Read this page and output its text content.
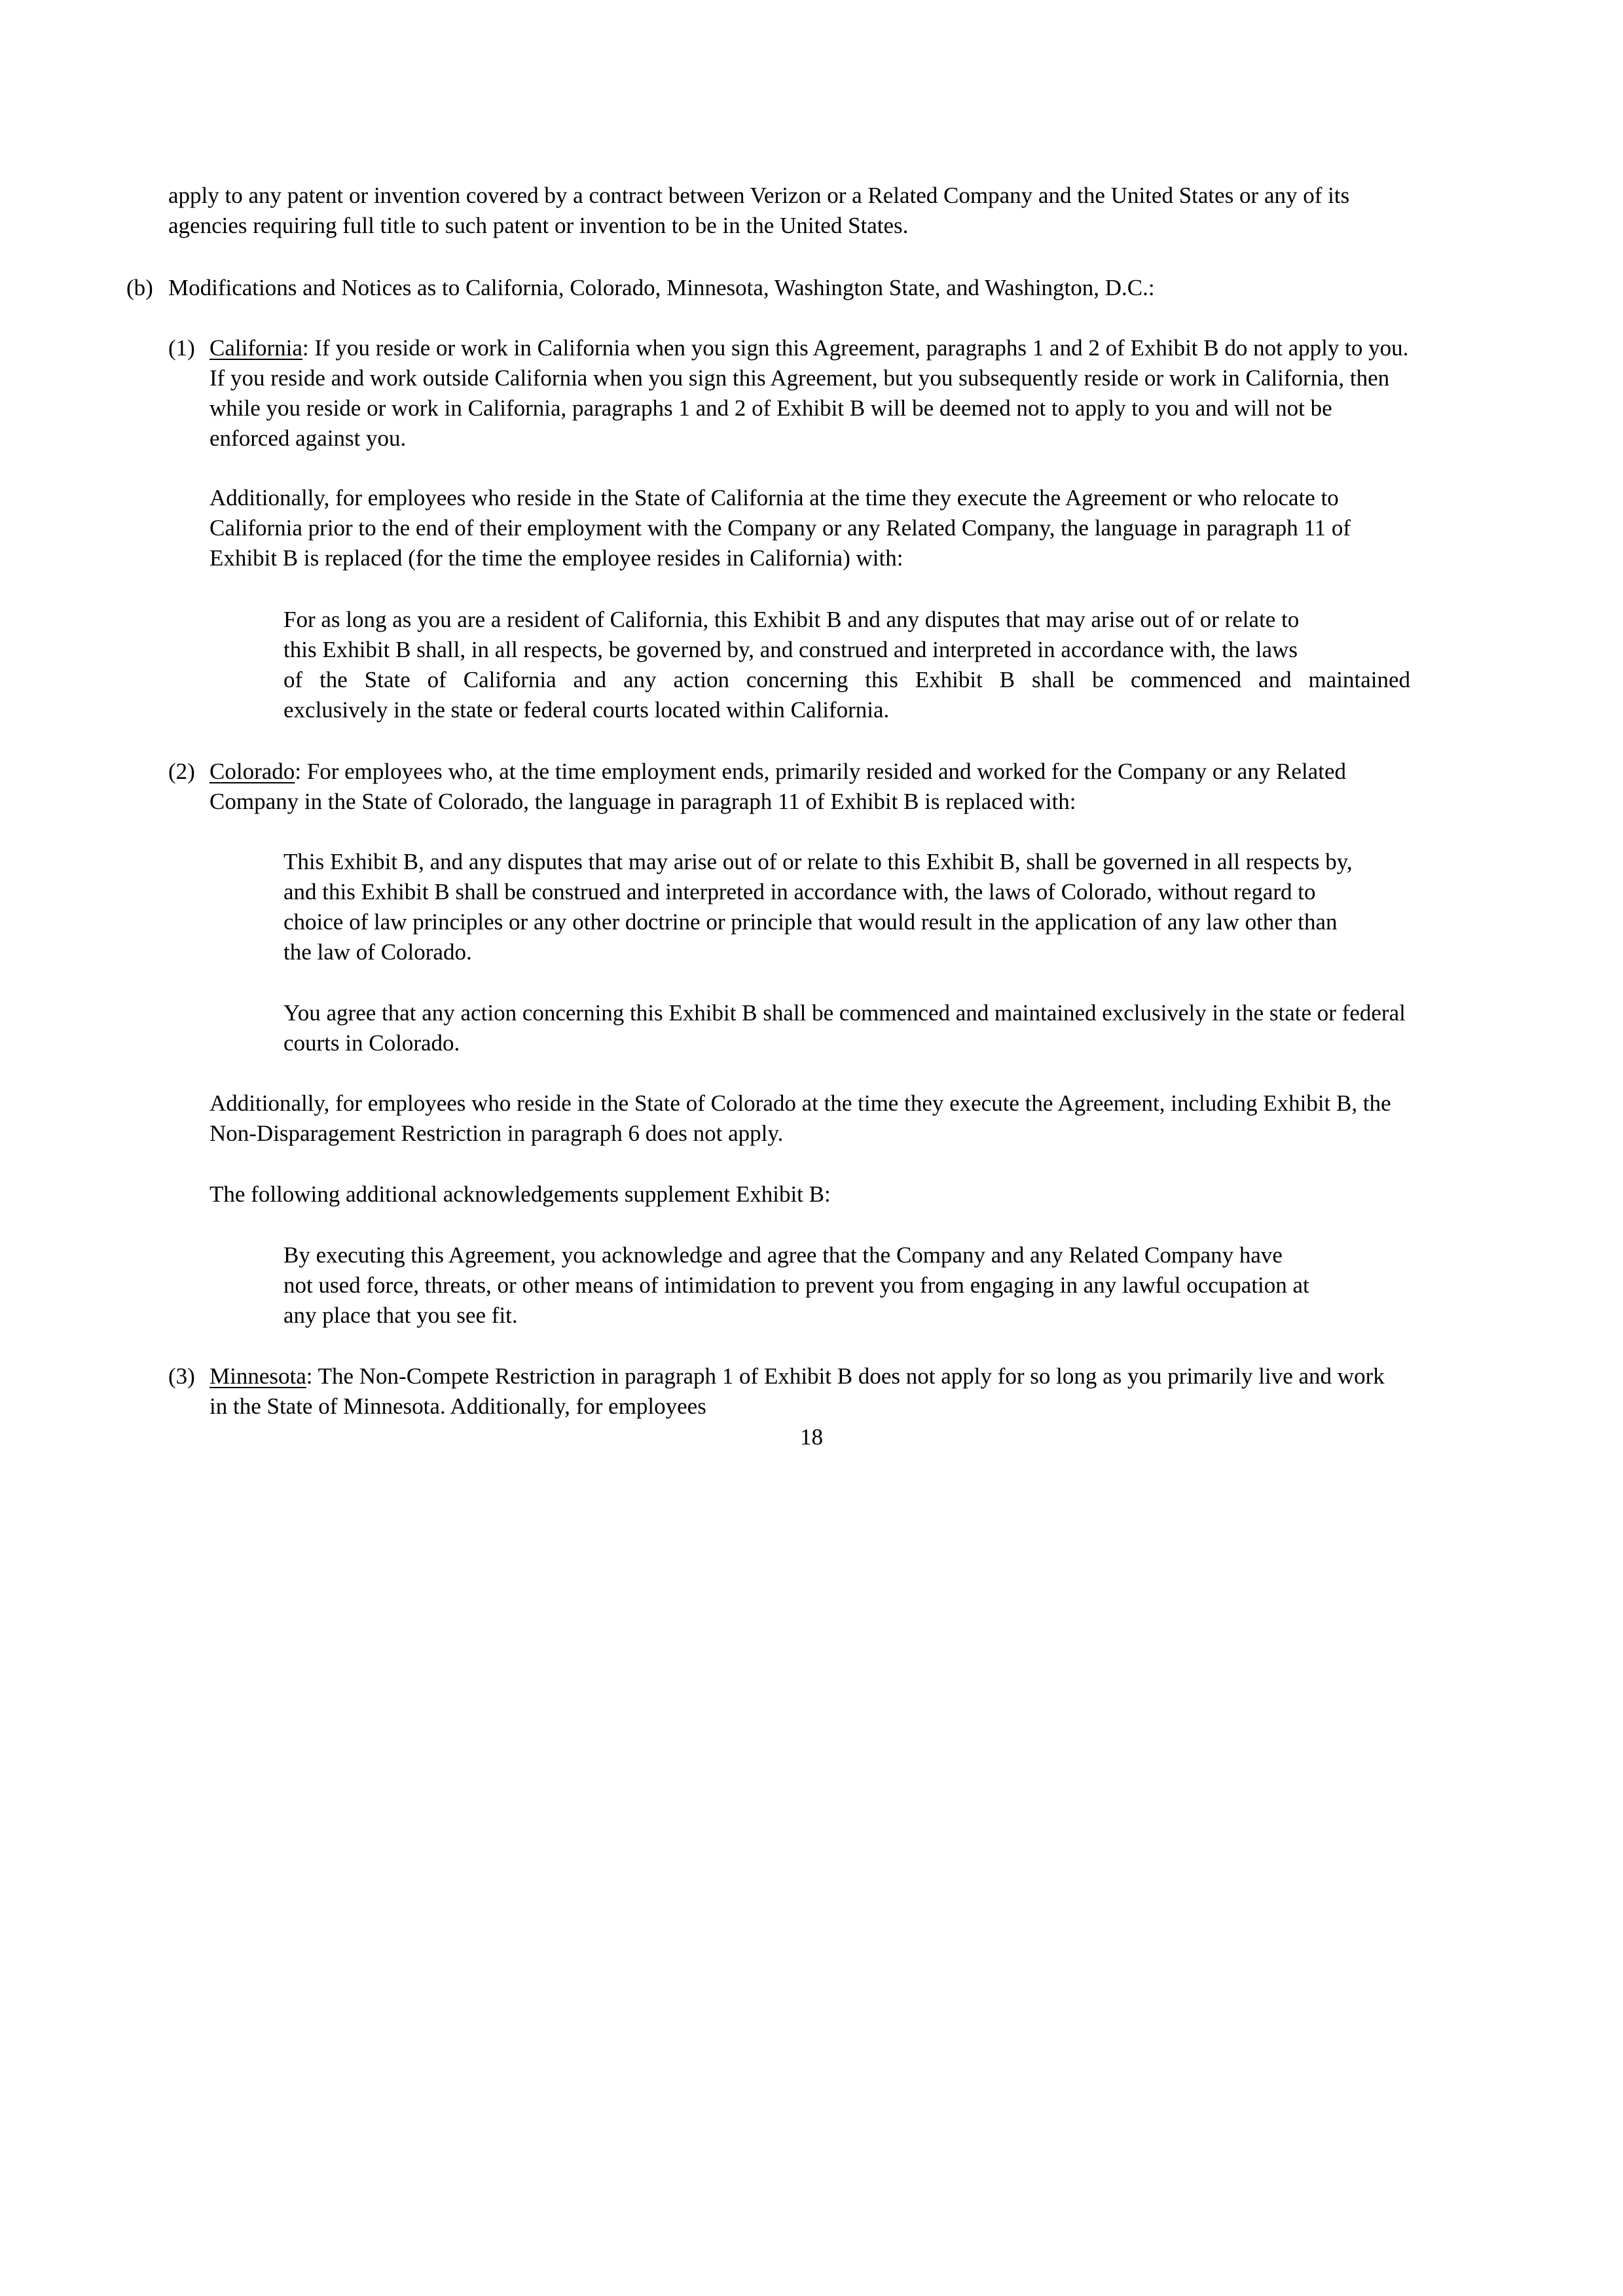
apply to any patent or invention covered by a contract between Verizon or a Related Company and the United States or any of its
agencies requiring full title to such patent or invention to be in the United States.
(b) Modifications and Notices as to California, Colorado, Minnesota, Washington State, and Washington, D.C.:
(1) California: If you reside or work in California when you sign this Agreement, paragraphs 1 and 2 of Exhibit B do not apply to you.
If you reside and work outside California when you sign this Agreement, but you subsequently reside or work in California, then
while you reside or work in California, paragraphs 1 and 2 of Exhibit B will be deemed not to apply to you and will not be
enforced against you.
Additionally, for employees who reside in the State of California at the time they execute the Agreement or who relocate to
California prior to the end of their employment with the Company or any Related Company, the language in paragraph 11 of
Exhibit B is replaced (for the time the employee resides in California) with:
For as long as you are a resident of California, this Exhibit B and any disputes that may arise out of or relate to
this Exhibit B shall, in all respects, be governed by, and construed and interpreted in accordance with, the laws
of the State of California and any action concerning this Exhibit B shall be commenced and maintained
exclusively in the state or federal courts located within California.
(2) Colorado: For employees who, at the time employment ends, primarily resided and worked for the Company or any Related
Company in the State of Colorado, the language in paragraph 11 of Exhibit B is replaced with:
This Exhibit B, and any disputes that may arise out of or relate to this Exhibit B, shall be governed in all respects by,
and this Exhibit B shall be construed and interpreted in accordance with, the laws of Colorado, without regard to
choice of law principles or any other doctrine or principle that would result in the application of any law other than
the law of Colorado.
You agree that any action concerning this Exhibit B shall be commenced and maintained exclusively in the state or federal
courts in Colorado.
Additionally, for employees who reside in the State of Colorado at the time they execute the Agreement, including Exhibit B, the
Non-Disparagement Restriction in paragraph 6 does not apply.
The following additional acknowledgements supplement Exhibit B:
By executing this Agreement, you acknowledge and agree that the Company and any Related Company have
not used force, threats, or other means of intimidation to prevent you from engaging in any lawful occupation at
any place that you see fit.
(3) Minnesota: The Non-Compete Restriction in paragraph 1 of Exhibit B does not apply for so long as you primarily live and work
in the State of Minnesota. Additionally, for employees
18
